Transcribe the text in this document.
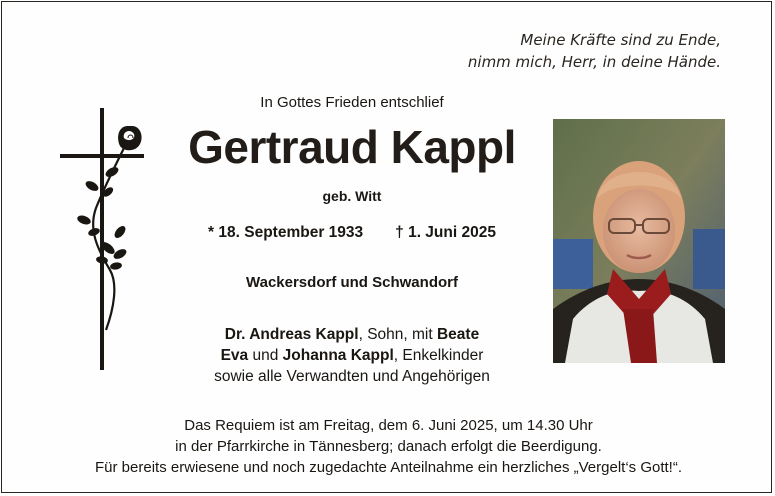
Meine Kräfte sind zu Ende,
nimm mich, Herr, in deine Hände.
In Gottes Frieden entschlief
Gertraud Kappl
geb. Witt
* 18. September 1933 † 1. Juni 2025
Wackersdorf und Schwandorf
Dr. Andreas Kappl, Sohn, mit Beate
Eva und Johanna Kappl, Enkelkinder
sowie alle Verwandten und Angehörigen
Das Requiem ist am Freitag, dem 6. Juni 2025, um 14.30 Uhr
in der Pfarrkirche in Tännesberg; danach erfolgt die Beerdigung.
Für bereits erwiesene und noch zugedachte Anteilnahme ein herzliches „Vergelt‘s Gott!“.
